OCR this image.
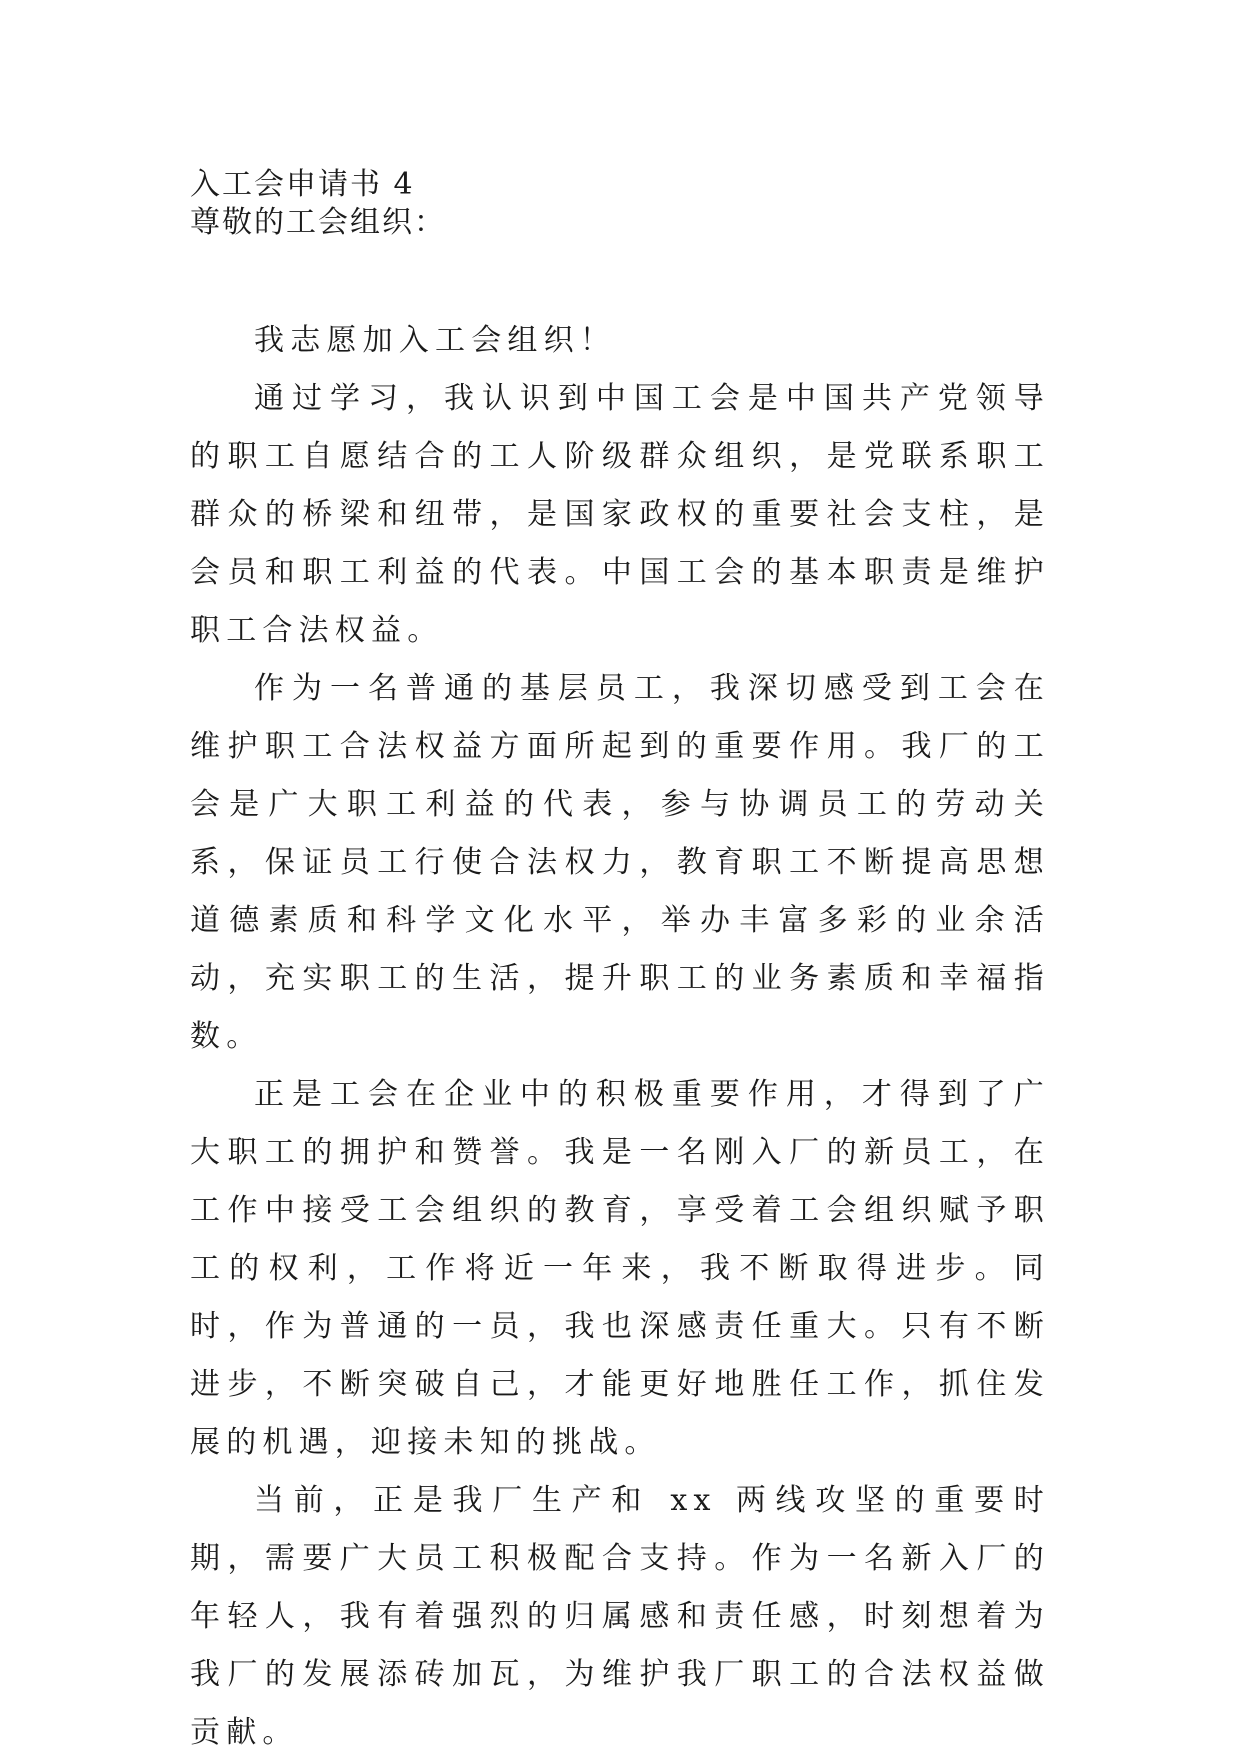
入工会申请书 4

尊敬的工会组织：

我志愿加入工会组织！

通过学习，我认识到中国工会是中国共产党领导的职工自愿结合的工人阶级群众组织，是党联系职工群众的桥梁和纽带，是国家政权的重要社会支柱，是会员和职工利益的代表。中国工会的基本职责是维护职工合法权益。

作为一名普通的基层员工，我深切感受到工会在维护职工合法权益方面所起到的重要作用。我厂的工会是广大职工利益的代表，参与协调员工的劳动关系，保证员工行使合法权力，教育职工不断提高思想道德素质和科学文化水平，举办丰富多彩的业余活动，充实职工的生活，提升职工的业务素质和幸福指数。

正是工会在企业中的积极重要作用，才得到了广大职工的拥护和赞誉。我是一名刚入厂的新员工，在工作中接受工会组织的教育，享受着工会组织赋予职工的权利，工作将近一年来，我不断取得进步。同时，作为普通的一员，我也深感责任重大。只有不断进步，不断突破自己，才能更好地胜任工作，抓住发展的机遇，迎接未知的挑战。

当前，正是我厂生产和 xx 两线攻坚的重要时期，需要广大员工积极配合支持。作为一名新入厂的年轻人，我有着强烈的归属感和责任感，时刻想着为我厂的发展添砖加瓦，为维护我厂职工的合法权益做贡献。
